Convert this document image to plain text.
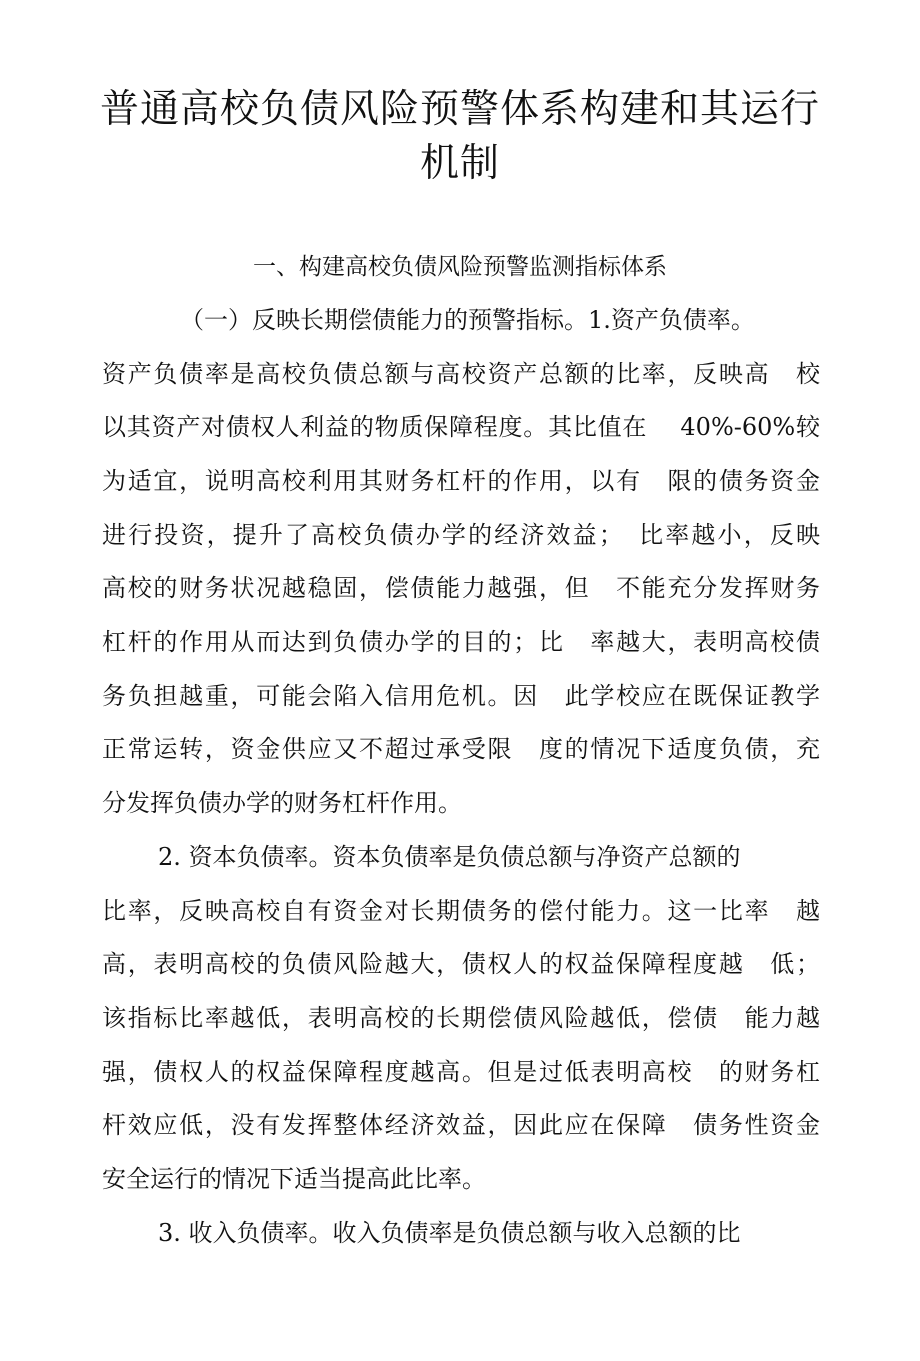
普通高校负债风险预警体系构建和其运行
机制
一、构建高校负债风险预警监测指标体系
（一）反映长期偿债能力的预警指标。1.资产负债率。
资产负债率是高校负债总额与高校资产总额的比率，反映高　校
以其资产对债权人利益的物质保障程度。其比值在　 40%-60%较
为适宜，说明高校利用其财务杠杆的作用，以有　限的债务资金
进行投资，提升了高校负债办学的经济效益；　比率越小，反映
高校的财务状况越稳固，偿债能力越强，但　不能充分发挥财务
杠杆的作用从而达到负债办学的目的；比　率越大，表明高校债
务负担越重，可能会陷入信用危机。因　此学校应在既保证教学
正常运转，资金供应又不超过承受限　度的情况下适度负债，充
分发挥负债办学的财务杠杆作用。
2. 资本负债率。资本负债率是负债总额与净资产总额的
比率，反映高校自有资金对长期债务的偿付能力。这一比率　越
高，表明高校的负债风险越大，债权人的权益保障程度越　低；
该指标比率越低，表明高校的长期偿债风险越低，偿债　能力越
强，债权人的权益保障程度越高。但是过低表明高校　的财务杠
杆效应低，没有发挥整体经济效益，因此应在保障　债务性资金
安全运行的情况下适当提高此比率。
3. 收入负债率。收入负债率是负债总额与收入总额的比
